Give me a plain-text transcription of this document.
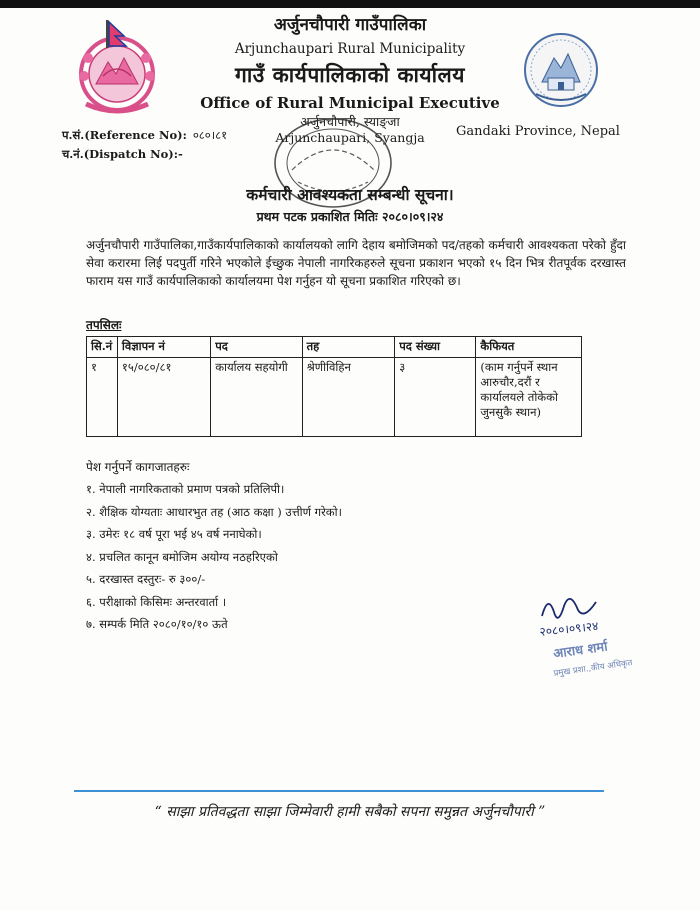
अर्जुनचौपारी गाउँपालिका

Arjunchaupari Rural Municipality

गाउँ कार्यपालिकाको कार्यालय

Office of Rural Municipal Executive

अर्जुनचौपारी, स्याङ्जा

Arjunchaupari, Syangja	Gandaki Province, Nepal
प.सं.(Reference No): ०८०।८१
च.नं.(Dispatch No):-
कर्मचारी आवश्यकता सम्बन्धी सूचना।
प्रथम पटक प्रकाशित मितिः २०८०।०९।२४
अर्जुनचौपारी गाउँपालिका,गाउँकार्यपालिकाको कार्यालयको लागि देहाय बमोजिमको पद/तहको कर्मचारी आवश्यकता परेको हुँदा सेवा करारमा लिई पदपुर्ती गरिने भएकोले ईच्छुक नेपाली नागरिकहरुले सूचना प्रकाशन भएको १५ दिन भित्र रीतपूर्वक दरखास्त फाराम यस गाउँ कार्यपालिकाको कार्यालयमा पेश गर्नुहन यो सूचना प्रकाशित गरिएको छ।
तपसिलः
सि.नं	विज्ञापन नं	पद	तह	पद संख्या	कैफियत
१	१५/०८०/८१	कार्यालय सहयोगी	श्रेणीविहिन	३	(काम गर्नुपर्ने स्थान आरुचौर,दरौं र कार्यालयले तोकेको जुनसुकै स्थान)
पेश गर्नुपर्ने कागजातहरुः
१. नेपाली नागरिकताको प्रमाण पत्रको प्रतिलिपी।
२. शैक्षिक योग्यताः आधारभुत तह (आठ कक्षा ) उत्तीर्ण गरेको।
३. उमेरः १८ वर्ष पूरा भई ४५ वर्ष ननाघेको।
४. प्रचलित कानून बमोजिम अयोग्य नठहरिएको
५. दरखास्त दस्तुरः- रु ३००/-
६. परीक्षाको किसिमः अन्तरवार्ता ।
७. सम्पर्क मिति २०८०/१०/१० ऊते	२०८०।०९।२४
आराध शर्मा
प्रमुख प्रशा.,कीय अधिकृत
“ साझा प्रतिवद्धता साझा जिम्मेवारी हामी सबैको सपना समुन्नत अर्जुनचौपारी ”
